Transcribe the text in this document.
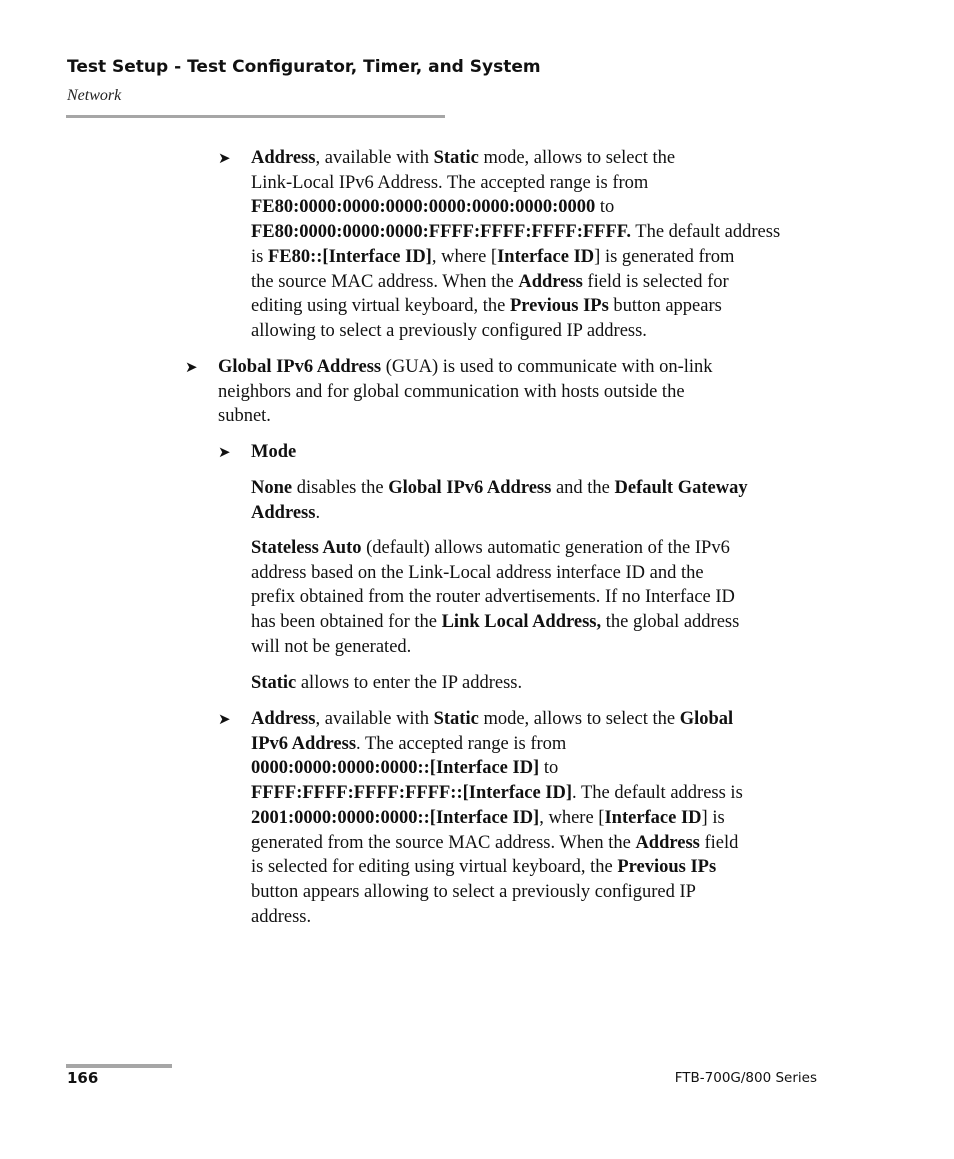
Test Setup - Test Configurator, Timer, and System
Network
➤ Address, available with Static mode, allows to select the

Link-Local IPv6 Address. The accepted range is from

FE80:0000:0000:0000:0000:0000:0000:0000 to

FE80:0000:0000:0000:FFFF:FFFF:FFFF:FFFF. The default address

is FE80::[Interface ID], where [Interface ID] is generated from

the source MAC address. When the Address field is selected for

editing using virtual keyboard, the Previous IPs button appears

allowing to select a previously configured IP address.

➤ Global IPv6 Address (GUA) is used to communicate with on-link

neighbors and for global communication with hosts outside the

subnet.

➤ Mode

None disables the Global IPv6 Address and the Default Gateway

Address.

Stateless Auto (default) allows automatic generation of the IPv6

address based on the Link-Local address interface ID and the

prefix obtained from the router advertisements. If no Interface ID

has been obtained for the Link Local Address, the global address

will not be generated.

Static allows to enter the IP address.

➤ Address, available with Static mode, allows to select the Global

IPv6 Address. The accepted range is from

0000:0000:0000:0000::[Interface ID] to

FFFF:FFFF:FFFF:FFFF::[Interface ID]. The default address is

2001:0000:0000:0000::[Interface ID], where [Interface ID] is

generated from the source MAC address. When the Address field

is selected for editing using virtual keyboard, the Previous IPs

button appears allowing to select a previously configured IP

address.

166	FTB-700G/800 Series
